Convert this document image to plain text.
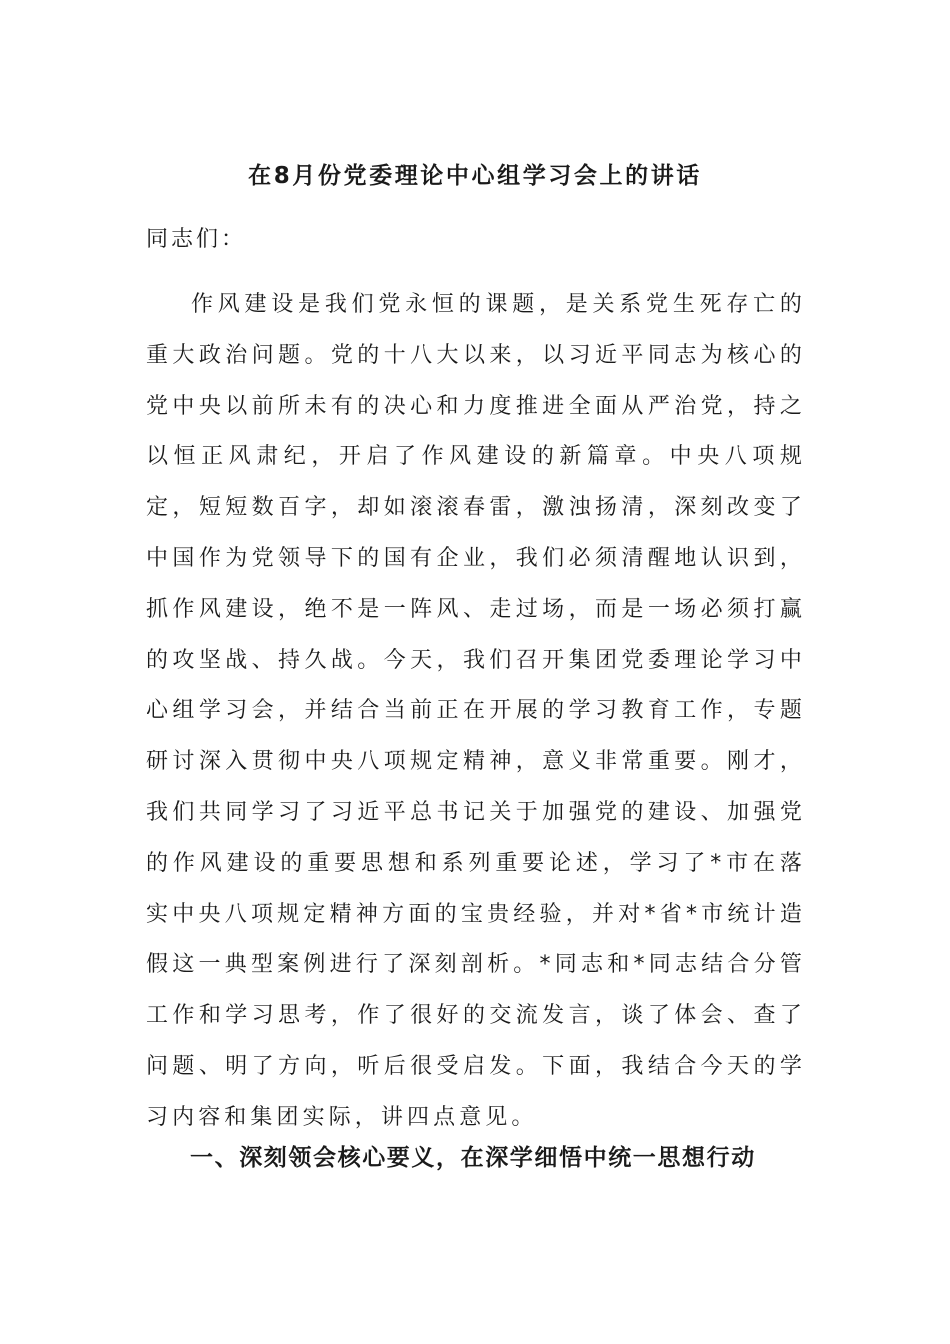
在8月份党委理论中心组学习会上的讲话

同志们：

作风建设是我们党永恒的课题，是关系党生死存亡的重大政治问题。党的十八大以来，以习近平同志为核心的党中央以前所未有的决心和力度推进全面从严治党，持之以恒正风肃纪，开启了作风建设的新篇章。中央八项规定，短短数百字，却如滚滚春雷，激浊扬清，深刻改变了中国作为党领导下的国有企业，我们必须清醒地认识到，抓作风建设，绝不是一阵风、走过场，而是一场必须打赢的攻坚战、持久战。今天，我们召开集团党委理论学习中心组学习会，并结合当前正在开展的学习教育工作，专题研讨深入贯彻中央八项规定精神，意义非常重要。刚才，我们共同学习了习近平总书记关于加强党的建设、加强党的作风建设的重要思想和系列重要论述，学习了*市在落实中央八项规定精神方面的宝贵经验，并对*省*市统计造假这一典型案例进行了深刻剖析。*同志和*同志结合分管工作和学习思考，作了很好的交流发言，谈了体会、查了问题、明了方向，听后很受启发。下面，我结合今天的学习内容和集团实际，讲四点意见。

一、深刻领会核心要义，在深学细悟中统一思想行动
